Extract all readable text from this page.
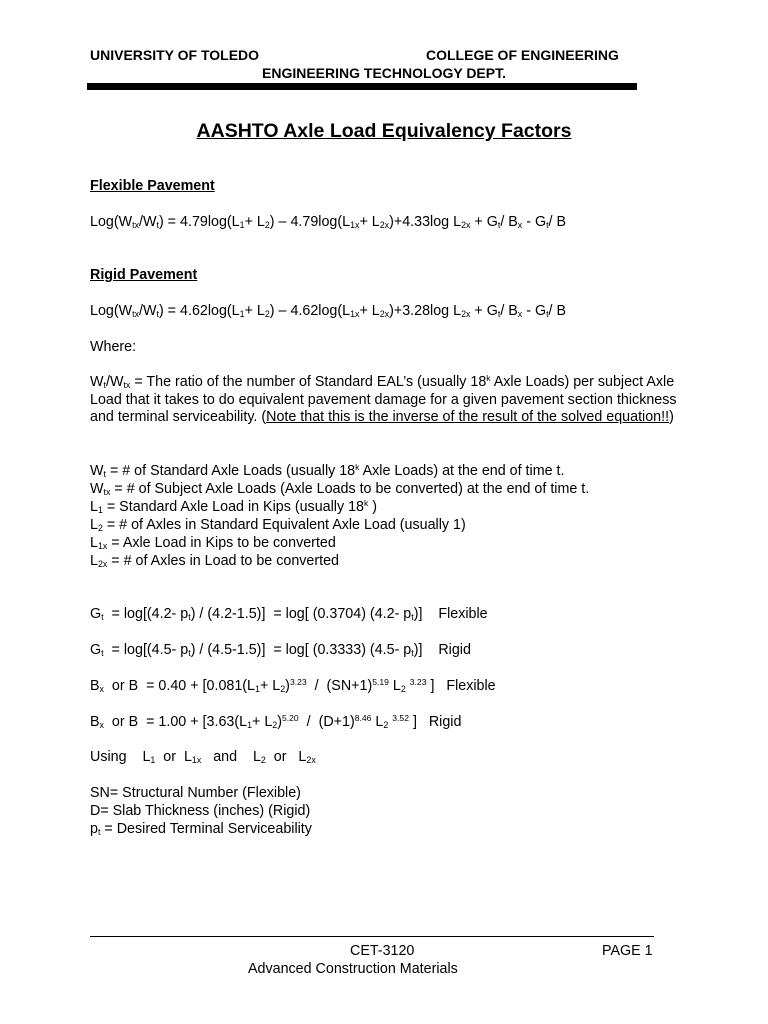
UNIVERSITY OF TOLEDO	COLLEGE OF ENGINEERING
ENGINEERING TECHNOLOGY DEPT.
AASHTO Axle Load Equivalency Factors
Flexible Pavement
$Log(W_{tx}/W_t) = 4.79\log(L_1+ L_2) - 4.79\log(L_{1x}+ L_{2x})+4.33\log$ $L_{2x} + G_t/$ $B_x - G_t/$ B
Rigid Pavement
$Log(W_{tx}/W_t) = 4.62\log(L_1+ L_2) - 4.62\log(L_{1x}+ L_{2x})+3.28\log$ $L_{2x} + G_t/$ $B_x - G_t/$ B
Where:
$W_t/W_{tx}$ = The ratio of the number of Standard EAL’s (usually 18$^k$ Axle Loads) per subject Axle Load that it takes to do equivalent pavement damage for a given pavement section thickness and terminal serviceability. (Note that this is the inverse of the result of the solved equation!!)
$W_t$ = # of Standard Axle Loads (usually 18$^k$ Axle Loads) at the end of time t.
$W_{tx}$ = # of Subject Axle Loads (Axle Loads to be converted) at the end of time t.
$L_1$ = Standard Axle Load in Kips (usually 18$^k$ )
$L_2$ = # of Axles in Standard Equivalent Axle Load (usually 1)
$L_{1x}$ = Axle Load in Kips to be converted
$L_{2x}$ = # of Axles in Load to be converted
$G_t = \log[(4.2-$ $p_t) / (4.2-1.5)] = \log$[ (0.3704) (4.2- $p_t$)]    Flexible
$G_t = \log[(4.5-$ $p_t) / (4.5-1.5)] = \log$[ (0.3333) (4.5- $p_t$)]    Rigid
$B_x$  or $B = 0.40 + [0.081(L_1+ L_2)^{3.23} / (SN+1)^{5.19}$ $L_2$ $^{3.23}$ ]   Flexible
$B_x$  or $B = 1.00 + [3.63(L_1+ L_2)^{5.20} / (D+1)^{8.46}$ $L_2$ $^{3.52}$ ]   Rigid
Using    $L_1$ or  $L_{1x}$ and    $L_2$ or   $L_{2x}$
SN= Structural Number (Flexible)
D= Slab Thickness (inches) (Rigid)
$p_t$ = Desired Terminal Serviceability
CET-3120	PAGE 1
Advanced Construction Materials
